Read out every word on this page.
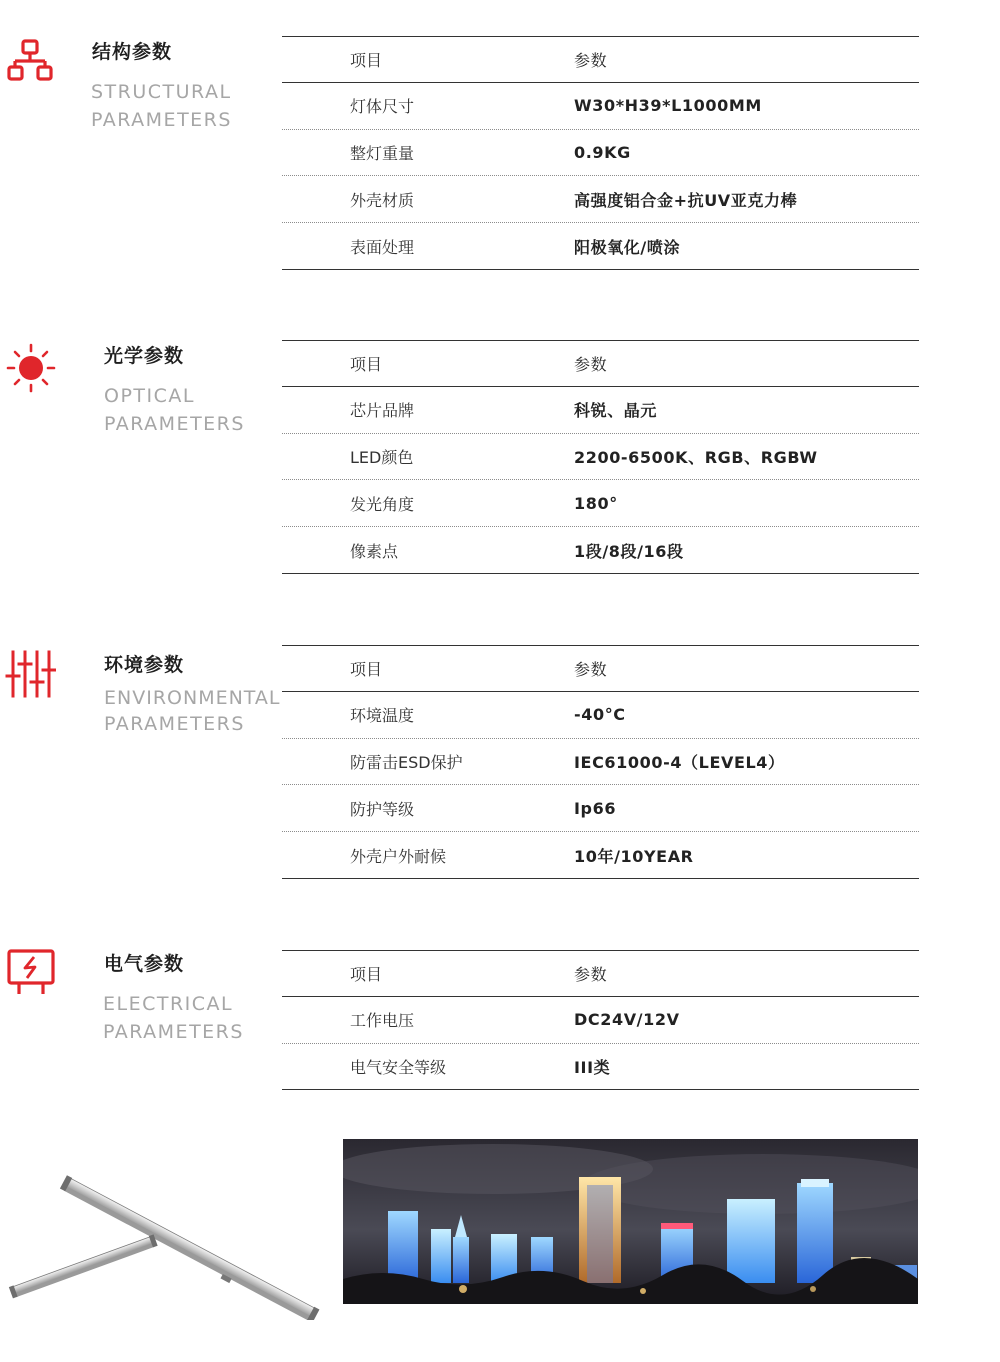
结构参数
STRUCTURAL
PARAMETERS
项目	参数
灯体尺寸	W30*H39*L1000MM
整灯重量	0.9KG
外壳材质	高强度铝合金+抗UV亚克力棒
表面处理	阳极氧化/喷涂
光学参数
OPTICAL
PARAMETERS
项目	参数
芯片品牌	科锐、晶元
LED颜色	2200-6500K、RGB、RGBW
发光角度	180°
像素点	1段/8段/16段
环境参数
ENVIRONMENTAL
PARAMETERS
项目	参数
环境温度	-40°C
防雷击ESD保护	IEC61000-4（LEVEL4）
防护等级	Ip66
外壳户外耐候	10年/10YEAR
电气参数
ELECTRICAL
PARAMETERS
项目	参数
工作电压	DC24V/12V
电气安全等级	III类
